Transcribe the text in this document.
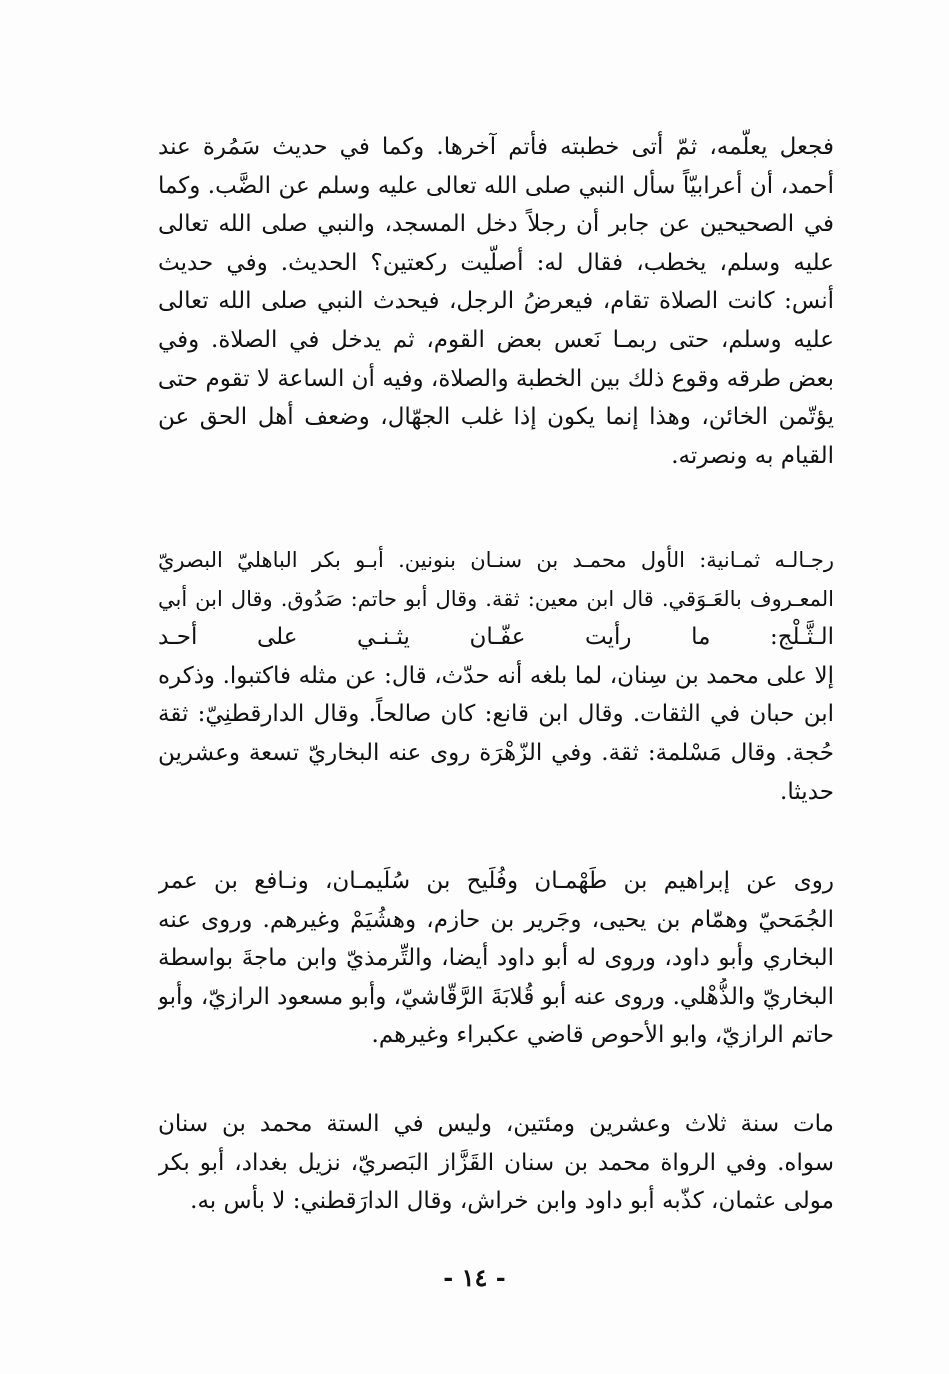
فجعل يعلّمه، ثمّ أتى خطبته فأتم آخرها. وكما في حديث سَمُرة عند
أحمد، أن أعرابيّاً سأل النبي صلى الله تعالى عليه وسلم عن الضَّب. وكما
في الصحيحين عن جابر أن رجلاً دخل المسجد، والنبي صلى الله تعالى
عليه وسلم، يخطب، فقال له: أصلّيت ركعتين؟ الحديث. وفي حديث
أنس: كانت الصلاة تقام، فيعرضُ الرجل، فيحدث النبي صلى الله تعالى
عليه وسلم، حتى ربمـا نَعس بعض القوم، ثم يدخل في الصلاة. وفي
بعض طرقه وقوع ذلك بين الخطبة والصلاة، وفيه أن الساعة لا تقوم حتى
يؤتّمن الخائن، وهذا إنما يكون إذا غلب الجهّال، وضعف أهل الحق عن
القيام به ونصرته.
رجـالـه ثمـانية: الأول محمـد بن سنـان بنونين. أبـو بكر الباهليّ البصريّ
المعـروف بالعَـوَقي. قال ابن معين: ثقة. وقال أبو حاتم: صَدُوق. وقال ابن أبي
الـثَّـلْج: ما رأيت عفّـان يثـنـي على أحـد
إلا على محمد بن سِنان، لما بلغه أنه حدّث، قال: عن مثله فاكتبوا. وذكره
ابن حبان في الثقات. وقال ابن قانع: كان صالحاً. وقال الدارقطنِيّ: ثقة
حُجة. وقال مَسْلمة: ثقة. وفي الزّهْرَة روى عنه البخاريّ تسعة وعشرين
حديثا.
روى عن إبراهيم بن طَهْمـان وفُلَيح بن سُلَيمـان، ونـافع بن عمر
الجُمَحيّ وهمّام بن يحيى، وجَرير بن حازم، وهشُيَمْ وغيرهم. وروى عنه
البخاري وأبو داود، وروى له أبو داود أيضا، والتِّرمذيّ وابن ماجةَ بواسطة
البخاريّ والذُّهْلي. وروى عنه أبو قُلابَةَ الرَّقّاشيّ، وأبو مسعود الرازيّ، وأبو
حاتم الرازيّ، وابو الأحوص قاضي عكبراء وغيرهم.
مات سنة ثلاث وعشرين ومئتين، وليس في الستة محمد بن سنان
سواه. وفي الرواة محمد بن سنان القَزَّاز البَصريّ، نزيل بغداد، أبو بكر
مولى عثمان، كذّبه أبو داود وابن خراش، وقال الدارَقطني: لا بأس به.
- ١٤ -
